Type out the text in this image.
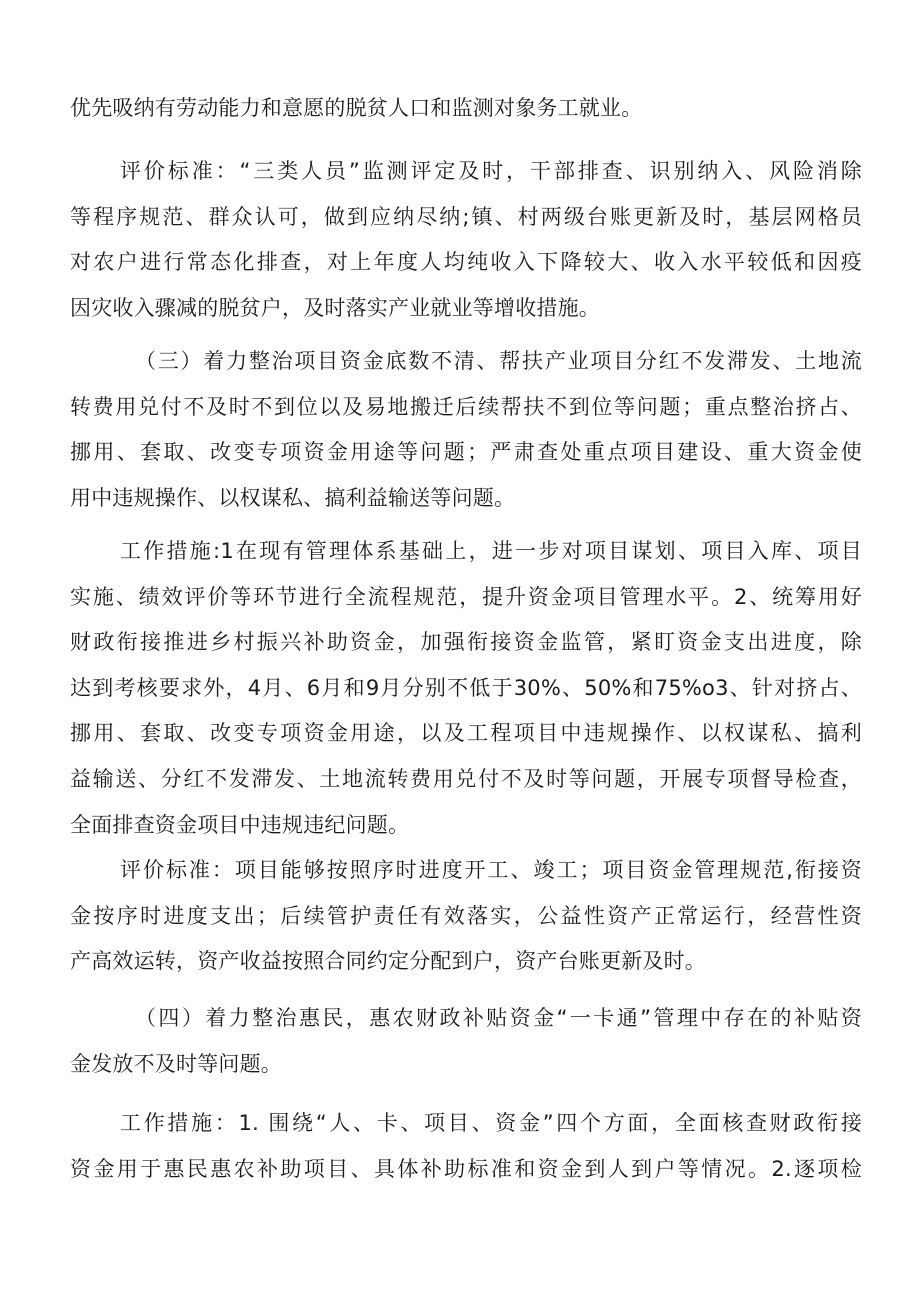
优先吸纳有劳动能力和意愿的脱贫人口和监测对象务工就业。
评价标准：“三类人员”监测评定及时，干部排查、识别纳入、风险消除
等程序规范、群众认可，做到应纳尽纳;镇、村两级台账更新及时，基层网格员
对农户进行常态化排查，对上年度人均纯收入下降较大、收入水平较低和因疫
因灾收入骤减的脱贫户，及时落实产业就业等增收措施。
（三）着力整治项目资金底数不清、帮扶产业项目分红不发滞发、土地流
转费用兑付不及时不到位以及易地搬迁后续帮扶不到位等问题；重点整治挤占、
挪用、套取、改变专项资金用途等问题；严肃查处重点项目建设、重大资金使
用中违规操作、以权谋私、搞利益输送等问题。
工作措施:1在现有管理体系基础上，进一步对项目谋划、项目入库、项目
实施、绩效评价等环节进行全流程规范，提升资金项目管理水平。2、统筹用好
财政衔接推进乡村振兴补助资金，加强衔接资金监管，紧盯资金支出进度，除
达到考核要求外，4月、6月和9月分别不低于30%、50%和75%o3、针对挤占、
挪用、套取、改变专项资金用途，以及工程项目中违规操作、以权谋私、搞利
益输送、分红不发滞发、土地流转费用兑付不及时等问题，开展专项督导检查，
全面排查资金项目中违规违纪问题。
评价标准：项目能够按照序时进度开工、竣工；项目资金管理规范,衔接资
金按序时进度支出；后续管护责任有效落实，公益性资产正常运行，经营性资
产高效运转，资产收益按照合同约定分配到户，资产台账更新及时。
（四）着力整治惠民，惠农财政补贴资金“一卡通”管理中存在的补贴资
金发放不及时等问题。
工作措施：1. 围绕“人、卡、项目、资金”四个方面，全面核查财政衔接
资金用于惠民惠农补助项目、具体补助标准和资金到人到户等情况。2.逐项检
